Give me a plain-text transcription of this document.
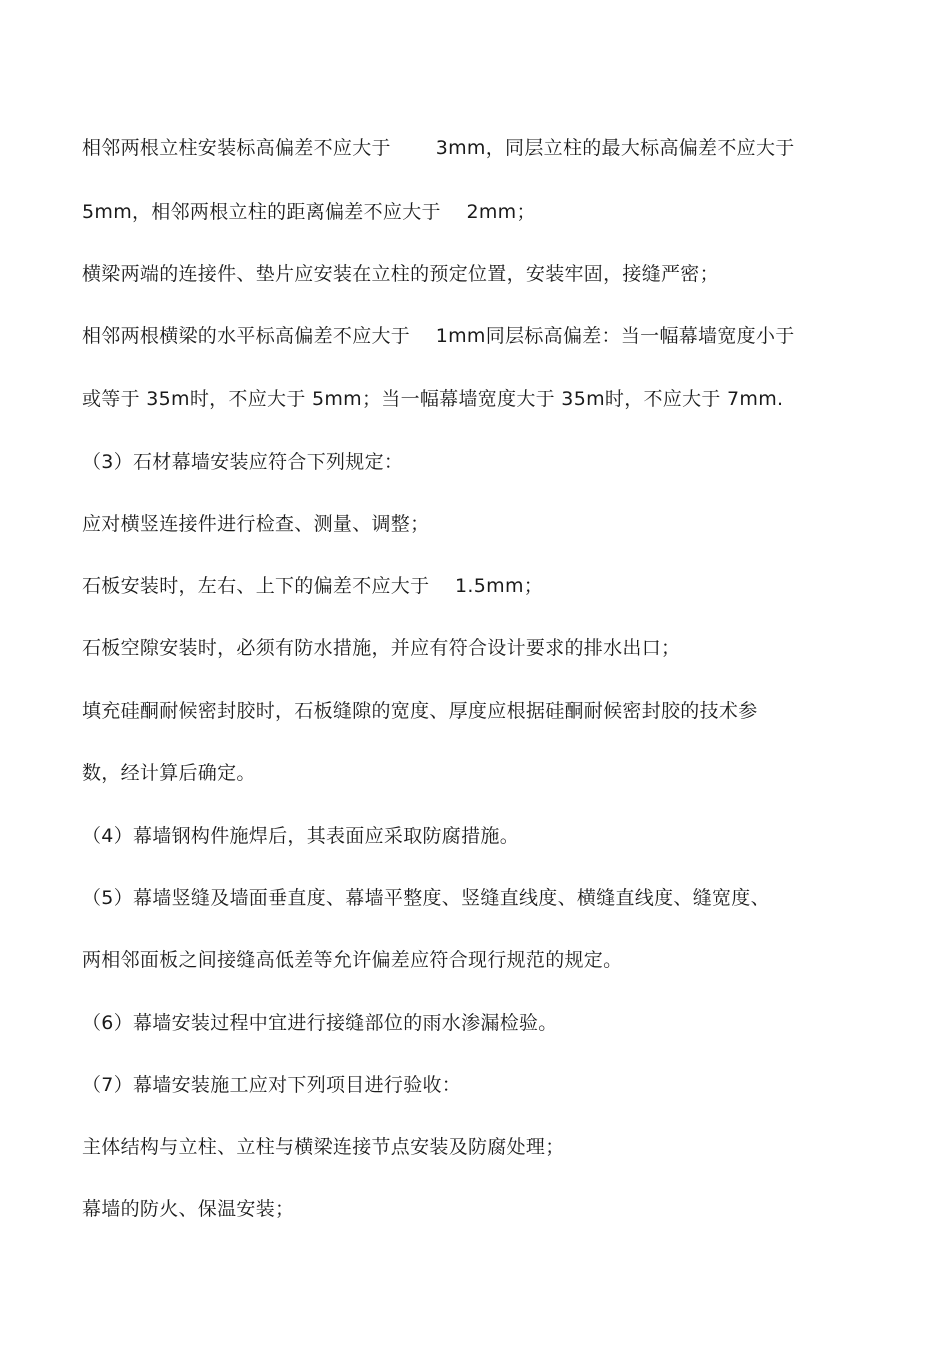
相邻两根立柱安装标高偏差不应大于 　　3mm，同层立柱的最大标高偏差不应大于
5mm，相邻两根立柱的距离偏差不应大于 　2mm；
横梁两端的连接件、垫片应安装在立柱的预定位置，安装牢固，接缝严密；
相邻两根横梁的水平标高偏差不应大于 　1mm同层标高偏差：当一幅幕墙宽度小于
或等于 35m时，不应大于 5mm；当一幅幕墙宽度大于 35m时，不应大于 7mm.
（3）石材幕墙安装应符合下列规定：
应对横竖连接件进行检查、测量、调整；
石板安装时，左右、上下的偏差不应大于 　1.5mm；
石板空隙安装时，必须有防水措施，并应有符合设计要求的排水出口；
填充硅酮耐候密封胶时，石板缝隙的宽度、厚度应根据硅酮耐候密封胶的技术参
数，经计算后确定。
（4）幕墙钢构件施焊后，其表面应采取防腐措施。
（5）幕墙竖缝及墙面垂直度、幕墙平整度、竖缝直线度、横缝直线度、缝宽度、
两相邻面板之间接缝高低差等允许偏差应符合现行规范的规定。
（6）幕墙安装过程中宜进行接缝部位的雨水渗漏检验。
（7）幕墙安装施工应对下列项目进行验收：
主体结构与立柱、立柱与横梁连接节点安装及防腐处理；
幕墙的防火、保温安装；
